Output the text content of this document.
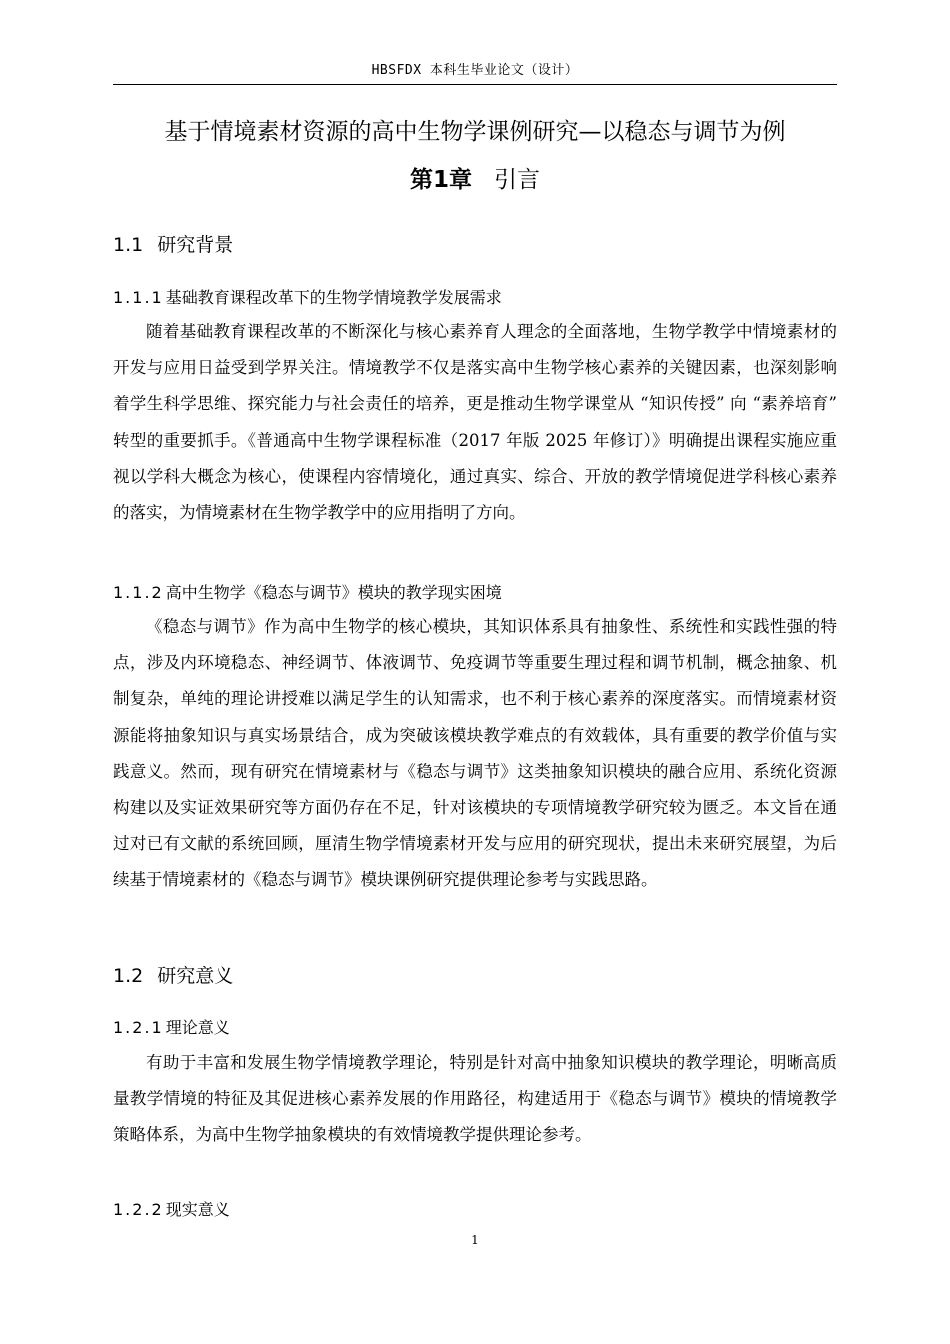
HBSFDX 本科生毕业论文（设计）
基于情境素材资源的高中生物学课例研究—以稳态与调节为例
第1章 引言
1.1 研究背景
1.1.1 基础教育课程改革下的生物学情境教学发展需求

随着基础教育课程改革的不断深化与核心素养育人理念的全面落地，生物学教学中情境素材的开发与应用日益受到学界关注。情境教学不仅是落实高中生物学核心素养的关键因素，也深刻影响着学生科学思维、探究能力与社会责任的培养，更是推动生物学课堂从 “知识传授” 向 “素养培育” 转型的重要抓手。《普通高中生物学课程标准（2017 年版 2025 年修订）》明确提出课程实施应重视以学科大概念为核心，使课程内容情境化，通过真实、综合、开放的教学情境促进学科核心素养的落实，为情境素材在生物学教学中的应用指明了方向。

1.1.2 高中生物学《稳态与调节》模块的教学现实困境

《稳态与调节》作为高中生物学的核心模块，其知识体系具有抽象性、系统性和实践性强的特点，涉及内环境稳态、神经调节、体液调节、免疫调节等重要生理过程和调节机制，概念抽象、机制复杂，单纯的理论讲授难以满足学生的认知需求，也不利于核心素养的深度落实。而情境素材资源能将抽象知识与真实场景结合，成为突破该模块教学难点的有效载体，具有重要的教学价值与实践意义。然而，现有研究在情境素材与《稳态与调节》这类抽象知识模块的融合应用、系统化资源构建以及实证效果研究等方面仍存在不足，针对该模块的专项情境教学研究较为匮乏。本文旨在通过对已有文献的系统回顾，厘清生物学情境素材开发与应用的研究现状，提出未来研究展望，为后续基于情境素材的《稳态与调节》模块课例研究提供理论参考与实践思路。

1.2 研究意义
1.2.1 理论意义

有助于丰富和发展生物学情境教学理论，特别是针对高中抽象知识模块的教学理论，明晰高质量教学情境的特征及其促进核心素养发展的作用路径，构建适用于《稳态与调节》模块的情境教学策略体系，为高中生物学抽象模块的有效情境教学提供理论参考。

1.2.2 现实意义
1
